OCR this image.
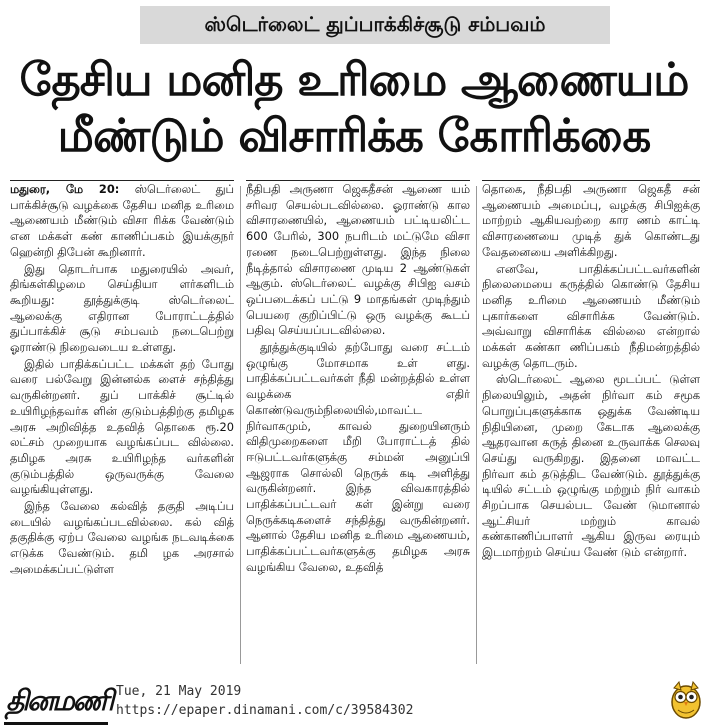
ஸ்டெர்லைட் துப்பாக்கிச்சூடு சம்பவம்
தேசிய மனித உரிமை ஆணையம்
மீண்டும் விசாரிக்க கோரிக்கை

மதுரை, மே 20: ஸ்டெர்லைட் துப் பாக்கிச்சூடு வழக்கை தேசிய மனித உரிமை ஆணையம் மீண்டும் விசா ரிக்க வேண்டும் என மக்கள் கண் காணிப்பகம் இயக்குநர் ஹென்றி திபேன் கூறினார்.

இது தொடர்பாக மதுரையில் அவர், திங்கள்கிழமை செய்தியா ளர்களிடம் கூறியது: தூத்துக்குடி ஸ்டெர்லைட் ஆலைக்கு எதிரான போராட்டத்தில் துப்பாக்கிச் சூடு சம்பவம் நடைபெற்று ஓராண்டு நிறைவடைய உள்ளது.

இதில் பாதிக்கப்பட்ட மக்கள் தற் போது வரை பல்வேறு இன்னல்க ளைச் சந்தித்து வருகின்றனர். துப் பாக்கிச் சூட்டில் உயிரிழந்தவர்க ளின் குடும்பத்திற்கு தமிழக அரசு அறிவித்த உதவித் தொகை ரூ.20 லட்சம் முறையாக வழங்கப்பட வில்லை. தமிழக அரசு உயிரிழந்த வர்களின் குடும்பத்தில் ஒருவருக்கு வேலை வழங்கியுள்ளது.

இந்த வேலை கல்வித் தகுதி அடிப்ப டையில் வழங்கப்படவில்லை. கல் வித் தகுதிக்கு ஏற்ப வேலை வழங்க நடவடிக்கை எடுக்க வேண்டும். தமி ழக அரசால் அமைக்கப்பட்டுள்ள

நீதிபதி அருணா ஜெகதீசன் ஆணை யம் சரிவர செயல்படவில்லை. ஓராண்டு கால விசாரணையில், ஆணையம் பட்டியலிட்ட 600 பேரில், 300 நபரிடம் மட்டுமே விசா ரணை நடைபெற்றுள்ளது. இந்த நிலை நீடித்தால் விசாரணை முடிய 2 ஆண்டுகள் ஆகும். ஸ்டெர்லைட் வழக்கு சிபிஐ வசம் ஒப்படைக்கப் பட்டு 9 மாதங்கள் முடிந்தும் பெயரை குறிப்பிட்டு ஒரு வழக்கு கூடப் பதிவு செய்யப்படவில்லை.

தூத்துக்குடியில் தற்போது வரை சட்டம் ஒழுங்கு மோசமாக உள் ளது. பாதிக்கப்பட்டவர்கள் நீதி மன்றத்தில் உள்ள வழக்கை எதிர் கொண்டுவரும்நிலையில்,மாவட்ட நிர்வாகமும், காவல் துறையினரும் விதிமுறைகளை மீறி போராட்டத் தில் ஈடுபட்டவர்களுக்கு சம்மன் அனுப்பி ஆஜராக சொல்லி நெருக் கடி அளித்து வருகின்றனர். இந்த விவகாரத்தில் பாதிக்கப்பட்டவர் கள் இன்று வரை நெருக்கடிகளைச் சந்தித்து வருகின்றனர். ஆனால் தேசிய மனித உரிமை ஆணையம், பாதிக்கப்பட்டவர்களுக்கு தமிழக அரசு வழங்கிய வேலை, உதவித்

தொகை, நீதிபதி அருணா ஜெகதீ சன் ஆணையம் அமைப்பு, வழக்கு சிபிஐக்கு மாற்றம் ஆகியவற்றை கார ணம் காட்டி விசாரணையை முடித் துக் கொண்டது வேதனையை அளிக்கிறது.

எனவே, பாதிக்கப்பட்டவர்களின் நிலைமையை கருத்தில் கொண்டு தேசிய மனித உரிமை ஆணையம் மீண்டும் புகார்களை விசாரிக்க வேண்டும். அவ்வாறு விசாரிக்க வில்லை என்றால் மக்கள் கண்கா ணிப்பகம் நீதிமன்றத்தில் வழக்கு தொடரும்.

ஸ்டெர்லைட் ஆலை மூடப்பட் டுள்ள நிலையிலும், அதன் நிர்வா கம் சமூக பொறுப்புகளுக்காக ஒதுக்க வேண்டிய நிதியினை, முறை கேடாக ஆலைக்கு ஆதரவான கருத் தினை உருவாக்க செலவு செய்து வருகிறது. இதனை மாவட்ட நிர்வா கம் தடுத்திட வேண்டும். தூத்துக்கு டியில் சட்டம் ஒழுங்கு மற்றும் நிர் வாகம் சிறப்பாக செயல்பட வேண் டுமானால் ஆட்சியர் மற்றும் காவல் கண்காணிப்பாளர் ஆகிய இருவ ரையும் இடமாற்றம் செய்ய வேண் டும் என்றார்.

தினமணி Tue, 21 May 2019
https://epaper.dinamani.com/c/39584302
